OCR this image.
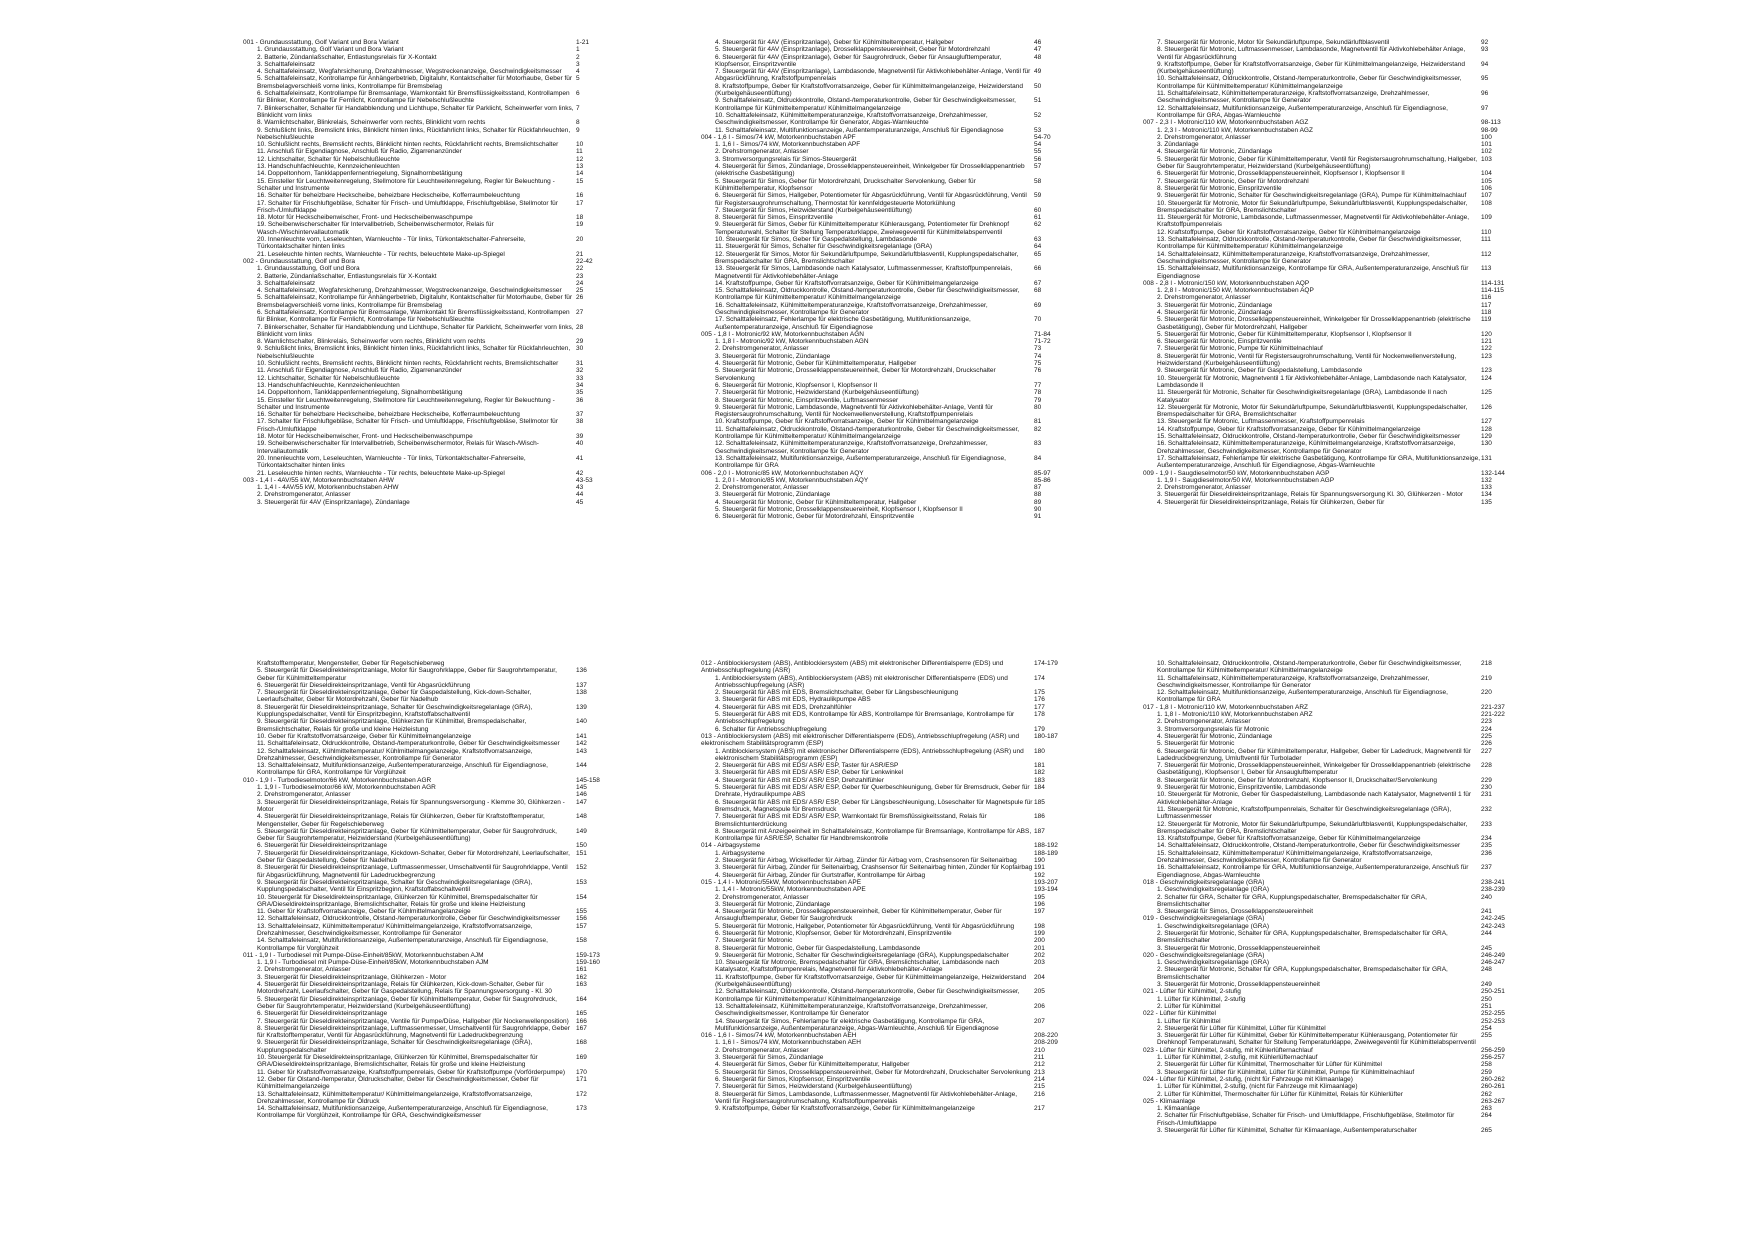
001 - Grundausstattung, Golf Variant und Bora Variant	1-21
1. Grundausstattung, Golf Variant und Bora Variant	1
2. Batterie, Zündanlaßschalter, Entlastungsrelais für X-Kontakt	2
3. Schalttafeleinsatz	3
4. Schalttafeleinsatz, Wegfahrsicherung, Drehzahlmesser, Wegstreckenanzeige, Geschwindigkeitsmesser	4
5. Schalttafeleinsatz, Kontrollampe für Anhängerbetrieb, Digitaluhr, Kontaktschalter für Motorhaube, Geber für Bremsbelagverschleiß vorne links, Kontrollampe für Bremsbelag
5
6. Schalttafeleinsatz, Kontrollampe für Bremsanlage, Warnkontakt für Bremsflüssigkeitsstand, Kontrollampen für Blinker, Kontrollampe für Fernlicht, Kontrollampe für Nebelschlußleuchte
6
7. Blinkerschalter, Schalter für Handabblendung und Lichthupe, Schalter für Parklicht, Scheinwerfer vorn links, Blinklicht vorn links
7
8. Warnlichtschalter, Blinkrelais, Scheinwerfer vorn rechts, Blinklicht vorn rechts	8
9. Schlußlicht links, Bremslicht links, Blinklicht hinten links, Rückfahrlicht links, Schalter für Rückfahrleuchten, Nebelschlußleuchte
9
10. Schlußlicht rechts, Bremslicht rechts, Blinklicht hinten rechts, Rückfahrlicht rechts, Bremslichtschalter	10
11. Anschluß für Eigendiagnose, Anschluß für Radio, Zigarrenanzünder	11
12. Lichtschalter, Schalter für Nebelschlußleuchte	12
13. Handschuhfachleuchte, Kennzeichenleuchten	13
14. Doppeltonhorn, Tankklappenfernentriegelung, Signalhornbetätigung	14
15. Einsteller für Leuchtweitenregelung, Stellmotore für Leuchtweitenregelung, Regler für Beleuchtung - Schalter und Instrumente
15
16. Schalter für beheizbare Heckscheibe, beheizbare Heckscheibe, Kofferraumbeleuchtung	16
17. Schalter für Frischluftgebläse, Schalter für Frisch- und Umluftklappe, Frischluftgebläse, Stellmotor für Frisch-/Umluftklappe
17
18. Motor für Heckscheibenwischer, Front- und Heckscheibenwaschpumpe	18
19. Scheibenwischerschalter für Intervallbetrieb, Scheibenwischermotor, Relais für Wasch-/Wischintervallautomatik
19
20. Innenleuchte vorn, Leseleuchten, Warnleuchte - Tür links, Türkontaktschalter-Fahrerseite, Türkontaktschalter hinten links
20
21. Leseleuchte hinten rechts, Warnleuchte - Tür rechts, beleuchtete Make-up-Spiegel	21
002 - Grundausstattung, Golf und Bora	22-42
1. Grundausstattung, Golf und Bora	22
2. Batterie, Zündanlaßschalter, Entlastungsrelais für X-Kontakt	23
3. Schalttafeleinsatz	24
4. Schalttafeleinsatz, Wegfahrsicherung, Drehzahlmesser, Wegstreckenanzeige, Geschwindigkeitsmesser	25
5. Schalttafeleinsatz, Kontrollampe für Anhängerbetrieb, Digitaluhr, Kontaktschalter für Motorhaube, Geber für Bremsbelagverschleiß vorne links, Kontrollampe für Bremsbelag
26
6. Schalttafeleinsatz, Kontrollampe für Bremsanlage, Warnkontakt für Bremsflüssigkeitsstand, Kontrollampen für Blinker, Kontrollampe für Fernlicht, Kontrollampe für Nebelschlußleuchte
27
7. Blinkerschalter, Schalter für Handabblendung und Lichthupe, Schalter für Parklicht, Scheinwerfer vorn links, Blinklicht vorn links
28
8. Warnlichtschalter, Blinkrelais, Scheinwerfer vorn rechts, Blinklicht vorn rechts	29
9. Schlußlicht links, Bremslicht links, Blinklicht hinten links, Rückfahrlicht links, Schalter für Rückfahrleuchten, Nebelschlußleuchte
30
10. Schlußlicht rechts, Bremslicht rechts, Blinklicht hinten rechts, Rückfahrlicht rechts, Bremslichtschalter	31
11. Anschluß für Eigendiagnose, Anschluß für Radio, Zigarrenanzünder	32
12. Lichtschalter, Schalter für Nebelschlußleuchte	33
13. Handschuhfachleuchte, Kennzeichenleuchten	34
14. Doppeltonhorn, Tankklappenfernentriegelung, Signalhornbetätigung	35
15. Einsteller für Leuchtweitenregelung, Stellmotore für Leuchtweitenregelung, Regler für Beleuchtung - Schalter und Instrumente
36
16. Schalter für beheizbare Heckscheibe, beheizbare Heckscheibe, Kofferraumbeleuchtung	37
17. Schalter für Frischluftgebläse, Schalter für Frisch- und Umluftklappe, Frischluftgebläse, Stellmotor für Frisch-/Umluftklappe
38
18. Motor für Heckscheibenwischer, Front- und Heckscheibenwaschpumpe	39
19. Scheibenwischerschalter für Intervallbetrieb, Scheibenwischermotor, Relais für Wasch-/Wisch-Intervallautomatik
40
20. Innenleuchte vorn, Leseleuchten, Warnleuchte - Tür links, Türkontaktschalter-Fahrerseite, Türkontaktschalter hinten links
41
21. Leseleuchte hinten rechts, Warnleuchte - Tür rechts, beleuchtete Make-up-Spiegel	42
003 - 1,4 l - 4AV/55 kW, Motorkennbuchstaben AHW	43-53
1. 1,4 l - 4AV/55 kW, Motorkennbuchstaben AHW	43
2. Drehstromgenerator, Anlasser	44
3. Steuergerät für 4AV (Einspritzanlage), Zündanlage	45
4. Steuergerät für 4AV (Einspritzanlage), Geber für Kühlmitteltemperatur, Hallgeber	46
5. Steuergerät für 4AV (Einspritzanlage), Drosselklappensteuereinheit, Geber für Motordrehzahl	47
6. Steuergerät für 4AV (Einspritzanlage), Geber für Saugrohrdruck, Geber für Ansauglufttemperatur, Klopfsensor, Einspritzventile
48
7. Steuergerät für 4AV (Einspritzanlage), Lambdasonde, Magnetventil für Aktivkohlebehälter-Anlage, Ventil für Abgasrückführung, Kraftstoffpumpenrelais
49
8. Kraftstoffpumpe, Geber für Kraftstoffvorratsanzeige, Geber für Kühlmittelmangelanzeige, Heizwiderstand (Kurbelgehäuseentlüftung)
50
9. Schalttafeleinsatz, Öldruckkontrolle, Ölstand-/temperaturkontrolle, Geber für Geschwindigkeitsmesser, Kontrollampe für Kühlmitteltemperatur/ Kühlmittelmangelanzeige
51
10. Schalttafeleinsatz, Kühlmitteltemperaturanzeige, Kraftstoffvorratsanzeige, Drehzahlmesser, Geschwindigkeitsmesser, Kontrollampe für Generator, Abgas-Warnleuchte
52
11. Schalttafeleinsatz, Multifunktionsanzeige, Außentemperaturanzeige, Anschluß für Eigendiagnose	53
004 - 1,6 l - Simos/74 kW, Motorkennbuchstaben APF	54-70
1. 1,6 l - Simos/74 kW, Motorkennbuchstaben APF	54
2. Drehstromgenerator, Anlasser	55
3. Stromversorgungsrelais für Simos-Steuergerät	56
4. Steuergerät für Simos, Zündanlage, Drosselklappensteuereinheit, Winkelgeber für Drosselklappenantrieb (elektrische Gasbetätigung)
57
5. Steuergerät für Simos, Geber für Motordrehzahl, Druckschalter Servolenkung, Geber für Kühlmitteltemperatur, Klopfsensor
58
6. Steuergerät für Simos, Hallgeber, Potentiometer für Abgasrückführung, Ventil für Abgasrückführung, Ventil für Registersaugrohrumschaltung, Thermostat für kennfeldgesteuerte Motorkühlung
59
7. Steuergerät für Simos, Heizwiderstand (Kurbelgehäuseentlüftung)	60
8. Steuergerät für Simos, Einspritzventile	61
9. Steuergerät für Simos, Geber für Kühlmitteltemperatur Kühlerausgang, Potentiometer für Drehknopf Temperaturwahl, Schalter für Stellung Temperaturklappe, Zweiwegeventil für Kühlmittelabsperrventil
62
10. Steuergerät für Simos, Geber für Gaspedalstellung, Lambdasonde	63
11. Steuergerät für Simos, Schalter für Geschwindigkeitsregelanlage (GRA)	64
12. Steuergerät für Simos, Motor für Sekundärluftpumpe, Sekundärluftblasventil, Kupplungspedalschalter, Bremspedalschalter für GRA, Bremslichtschalter
65
13. Steuergerät für Simos, Lambdasonde nach Katalysator, Luftmassenmesser, Kraftstoffpumpenrelais, Magnetventil für Aktivkohlebehälter-Anlage
66
14. Kraftstoffpumpe, Geber für Kraftstoffvorratsanzeige, Geber für Kühlmittelmangelanzeige	67
15. Schalttafeleinsatz, Öldruckkontrolle, Ölstand-/temperaturkontrolle, Geber für Geschwindigkeitsmesser, Kontrollampe für Kühlmitteltemperatur/ Kühlmittelmangelanzeige
68
16. Schalttafeleinsatz, Kühlmitteltemperaturanzeige, Kraftstoffvorratsanzeige, Drehzahlmesser, Geschwindigkeitsmesser, Kontrollampe für Generator
69
17. Schalttafeleinsatz, Fehlerlampe für elektrische Gasbetätigung, Multifunktionsanzeige, Außentemperaturanzeige, Anschluß für Eigendiagnose
70
005 - 1,8 l - Motronic/92 kW, Motorkennbuchstaben AGN	71-84
1. 1,8 l - Motronic/92 kW, Motorkennbuchstaben AGN	71-72
2. Drehstromgenerator, Anlasser	73
3. Steuergerät für Motronic, Zündanlage	74
4. Steuergerät für Motronic, Geber für Kühlmitteltemperatur, Hallgeber	75
5. Steuergerät für Motronic, Drosselklappensteuereinheit, Geber für Motordrehzahl, Druckschalter Servolenkung
76
6. Steuergerät für Motronic, Klopfsensor I, Klopfsensor II	77
7. Steuergerät für Motronic, Heizwiderstand (Kurbelgehäuseentlüftung)	78
8. Steuergerät für Motronic, Einspritzventile, Luftmassenmesser	79
9. Steuergerät für Motronic, Lambdasonde, Magnetventil für Aktivkohlebehälter-Anlage, Ventil für Registersaugrohrumschaltung, Ventil für Nockenwellenverstellung, Kraftstoffpumpenrelais
80
10. Kraftstoffpumpe, Geber für Kraftstoffvorratsanzeige, Geber für Kühlmittelmangelanzeige	81
11. Schalttafeleinsatz, Öldruckkontrolle, Ölstand-/temperaturkontrolle, Geber für Geschwindigkeitsmesser, Kontrollampe für Kühlmitteltemperatur/ Kühlmittelmangelanzeige
82
12. Schalttafeleinsatz, Kühlmitteltemperaturanzeige, Kraftstoffvorratsanzeige, Drehzahlmesser, Geschwindigkeitsmesser, Kontrollampe für Generator
83
13. Schalttafeleinsatz, Multifunktionsanzeige, Außentemperaturanzeige, Anschluß für Eigendiagnose, Kontrollampe für GRA
84
006 - 2,0 l - Motronic/85 kW, Motorkennbuchstaben AQY	85-97
1. 2,0 l - Motronic/85 kW, Motorkennbuchstaben AQY	85-86
2. Drehstromgenerator, Anlasser	87
3. Steuergerät für Motronic, Zündanlage	88
4. Steuergerät für Motronic, Geber für Kühlmitteltemperatur, Hallgeber	89
5. Steuergerät für Motronic, Drosselklappensteuereinheit, Klopfsensor I, Klopfsensor II	90
6. Steuergerät für Motronic, Geber für Motordrehzahl, Einspritzventile	91
7. Steuergerät für Motronic, Motor für Sekundärluftpumpe, Sekundärluftblasventil	92
8. Steuergerät für Motronic, Luftmassenmesser, Lambdasonde, Magnetventil für Aktivkohlebehälter Anlage, Ventil für Abgasrückführung
93
9. Kraftstoffpumpe, Geber für Kraftstoffvorratsanzeige, Geber für Kühlmittelmangelanzeige, Heizwiderstand (Kurbelgehäuseentlüftung)
94
10. Schalttafeleinsatz, Öldruckkontrolle, Ölstand-/temperaturkontrolle, Geber für Geschwindigkeitsmesser, Kontrollampe für Kühlmitteltemperatur/ Kühlmittelmangelanzeige
95
11. Schalttafeleinsatz, Kühlmitteltemperaturanzeige, Kraftstoffvorratsanzeige, Drehzahlmesser, Geschwindigkeitsmesser, Kontrollampe für Generator
96
12. Schalttafeleinsatz, Multifunktionsanzeige, Außentemperaturanzeige, Anschluß für Eigendiagnose, Kontrollampe für GRA, Abgas-Warnleuchte
97
007 - 2,3 l - Motronic/110 kW, Motorkennbuchstaben AGZ	98-113
1. 2,3 l - Motronic/110 kW, Motorkennbuchstaben AGZ	98-99
2. Drehstromgenerator, Anlasser	100
3. Zündanlage	101
4. Steuergerät für Motronic, Zündanlage	102
5. Steuergerät für Motronic, Geber für Kühlmitteltemperatur, Ventil für Registersaugrohrumschaltung, Hallgeber, Geber für Saugrohrtemperatur, Heizwiderstand (Kurbelgehäuseentlüftung)
103
6. Steuergerät für Motronic, Drosselklappensteuereinheit, Klopfsensor I, Klopfsensor II	104
7. Steuergerät für Motronic, Geber für Motordrehzahl	105
8. Steuergerät für Motronic, Einspritzventile	106
9. Steuergerät für Motronic, Schalter für Geschwindigkeitsregelanlage (GRA), Pumpe für Kühlmittelnachlauf	107
10. Steuergerät für Motronic, Motor für Sekundärluftpumpe, Sekundärluftblasventil, Kupplungspedalschalter, Bremspedalschalter für GRA, Bremslichtschalter
108
11. Steuergerät für Motronic, Lambdasonde, Luftmassenmesser, Magnetventil für Aktivkohlebehälter-Anlage, Kraftstoffpumpenrelais
109
12. Kraftstoffpumpe, Geber für Kraftstoffvorratsanzeige, Geber für Kühlmittelmangelanzeige	110
13. Schalttafeleinsatz, Öldruckkontrolle, Ölstand-/temperaturkontrolle, Geber für Geschwindigkeitsmesser, Kontrollampe für Kühlmitteltemperatur/ Kühlmittelmangelanzeige
111
14. Schalttafeleinsatz, Kühlmitteltemperaturanzeige, Kraftstoffvorratsanzeige, Drehzahlmesser, Geschwindigkeitsmesser, Kontrollampe für Generator
112
15. Schalttafeleinsatz, Multifunktionsanzeige, Kontrollampe für GRA, Außentemperaturanzeige, Anschluß für Eigendiagnose
113
008 - 2,8 l - Motronic/150 kW, Motorkennbuchstaben AQP	114-131
1. 2,8 l - Motronic/150 kW, Motorkennbuchstaben AQP	114-115
2. Drehstromgenerator, Anlasser	116
3. Steuergerät für Motronic, Zündanlage	117
4. Steuergerät für Motronic, Zündanlage	118
5. Steuergerät für Motronic, Drosselklappensteuereinheit, Winkelgeber für Drosselklappenantrieb (elektrische Gasbetätigung), Geber für Motordrehzahl, Hallgeber
119
5. Steuergerät für Motronic, Geber für Kühlmitteltemperatur, Klopfsensor I, Klopfsensor II	120
6. Steuergerät für Motronic, Einspritzventile	121
7. Steuergerät für Motronic, Pumpe für Kühlmittelnachlauf	122
8. Steuergerät für Motronic, Ventil für Registersaugrohrumschaltung, Ventil für Nockenwellenverstellung, Heizwiderstand (Kurbelgehäuseentlüftung)
123
9. Steuergerät für Motronic, Geber für Gaspedalstellung, Lambdasonde	123
10. Steuergerät für Motronic, Magnetventil 1 für Aktivkohlebehälter-Anlage, Lambdasonde nach Katalysator, Lambdasonde II
124
11. Steuergerät für Motronic, Schalter für Geschwindigkeitsregelanlage (GRA), Lambdasonde II nach Katalysator
125
12. Steuergerät für Motronic, Motor für Sekundärluftpumpe, Sekundärluftblasventil, Kupplungspedalschalter, Bremspedalschalter für GRA, Bremslichtschalter
126
13. Steuergerät für Motronic, Luftmassenmesser, Kraftstoffpumpenrelais	127
14. Kraftstoffpumpe, Geber für Kraftstoffvorratsanzeige, Geber für Kühlmittelmangelanzeige	128
15. Schalttafeleinsatz, Öldruckkontrolle, Ölstand-/temperaturkontrolle, Geber für Geschwindigkeitsmesser	129
16. Schalttafeleinsatz, Kühlmitteltemperaturanzeige, Kühlmittelmangelanzeige, Kraftstoffvorratsanzeige, Drehzahlmesser, Geschwindigkeitsmesser, Kontrollampe für Generator
130
17. Schalttafeleinsatz, Fehlerlampe für elektrische Gasbetätigung, Kontrollampe für GRA, Multifunktionsanzeige, Außentemperaturanzeige, Anschluß für Eigendiagnose, Abgas-Warnleuchte
131
009 - 1,9 l - Saugdieselmotor/50 kW, Motorkennbuchstaben AGP	132-144
1. 1,9 l - Saugdieselmotor/50 kW, Motorkennbuchstaben AGP	132
2. Drehstromgenerator, Anlasser	133
3. Steuergerät für Dieseldirekteinspritzanlage, Relais für Spannungsversorgung Kl. 30, Glühkerzen - Motor	134
4. Steuergerät für Dieseldirekteinspritzanlage, Relais für Glühkerzen, Geber für	135
Kraftstofftemperatur, Mengensteller, Geber für Regelschieberweg
5. Steuergerät für Dieseldirekteinspritzanlage, Motor für Saugrohrklappe, Geber für Saugrohrtemperatur, Geber für Kühlmitteltemperatur
136
6. Steuergerät für Dieseldirekteinspritzanlage, Ventil für Abgasrückführung	137
7. Steuergerät für Dieseldirekteinspritzanlage, Geber für Gaspedalstellung, Kick-down-Schalter, Leerlaufschalter, Geber für Motordrehzahl, Geber für Nadelhub
138
8. Steuergerät für Dieseldirekteinspritzanlage, Schalter für Geschwindigkeitsregelanlage (GRA), Kupplungspedalschalter, Ventil für Einspritzbeginn, Kraftstoffabschaltventil
139
9. Steuergerät für Dieseldirekteinspritzanlage, Glühkerzen für Kühlmittel, Bremspedalschalter, Bremslichtschalter, Relais für große und kleine Heizleistung
140
10. Geber für Kraftstoffvorratsanzeige, Geber für Kühlmittelmangelanzeige	141
11. Schalttafeleinsatz, Öldruckkontrolle, Ölstand-/temperaturkontrolle, Geber für Geschwindigkeitsmesser	142
12. Schalttafeleinsatz, Kühlmitteltemperatur/ Kühlmittelmangelanzeige, Kraftstoffvorratsanzeige, Drehzahlmesser, Geschwindigkeitsmesser, Kontrollampe für Generator
143
13. Schalttafeleinsatz, Multifunktionsanzeige, Außentemperaturanzeige, Anschluß für Eigendiagnose, Kontrollampe für GRA, Kontrollampe für Vorglühzeit
144
010 - 1,9 l - Turbodieselmotor/66 kW, Motorkennbuchstaben AGR	145-158
1. 1,9 l - Turbodieselmotor/66 kW, Motorkennbuchstaben AGR	145
2. Drehstromgenerator, Anlasser	146
3. Steuergerät für Dieseldirekteinspritzanlage, Relais für Spannungsversorgung - Klemme 30, Glühkerzen - Motor
147
4. Steuergerät für Dieseldirekteinspritzanlage, Relais für Glühkerzen, Geber für Kraftstofftemperatur, Mengensteller, Geber für Regelschieberweg
148
5. Steuergerät für Dieseldirekteinspritzanlage, Geber für Kühlmitteltemperatur, Geber für Saugrohrdruck, Geber für Saugrohrtemperatur, Heizwiderstand (Kurbelgehäuseentlüftung)
149
6. Steuergerät für Dieseldirekteinspritzanlage	150
7. Steuergerät für Dieseldirekteinspritzanlage, Kickdown-Schalter, Geber für Motordrehzahl, Leerlaufschalter, Geber für Gaspedalstellung, Geber für Nadelhub
151
8. Steuergerät für Dieseldirekteinspritzanlage, Luftmassenmesser, Umschaltventil für Saugrohrklappe, Ventil für Abgasrückführung, Magnetventil für Ladedruckbegrenzung
152
9. Steuergerät für Dieseldirekteinspritzanlage, Schalter für Geschwindigkeitsregelanlage (GRA), Kupplungspedalschalter, Ventil für Einspritzbeginn, Kraftstoffabschaltventil
153
10. Steuergerät für Dieseldirekteinspritzanlage, Glühkerzen für Kühlmittel, Bremspedalschalter für GRA/Dieseldirekteinspritzanlage, Bremslichtschalter, Relais für große und kleine Heizleistung
154
11. Geber für Kraftstoffvorratsanzeige, Geber für Kühlmittelmangelanzeige	155
12. Schalttafeleinsatz, Öldruckkontrolle, Ölstand-/temperaturkontrolle, Geber für Geschwindigkeitsmesser	156
13. Schalttafeleinsatz, Kühlmitteltemperatur/ Kühlmittelmangelanzeige, Kraftstoffvorratsanzeige, Drehzahlmesser, Geschwindigkeitsmesser, Kontrollampe für Generator
157
14. Schalttafeleinsatz, Multifunktionsanzeige, Außentemperaturanzeige, Anschluß für Eigendiagnose, Kontrollampe für Vorglühzeit
158
011 - 1,9 l - Turbodiesel mit Pumpe-Düse-Einheit/85kW, Motorkennbuchstaben AJM	159-173
1. 1,9 l - Turbodiesel mit Pumpe-Düse-Einheit/85kW, Motorkennbuchstaben AJM	159-160
2. Drehstromgenerator, Anlasser	161
3. Steuergerät für Dieseldirekteinspritzanlage, Glühkerzen - Motor	162
4. Steuergerät für Dieseldirekteinspritzanlage, Relais für Glühkerzen, Kick-down-Schalter, Geber für Motordrehzahl, Leerlaufschalter, Geber für Gaspedalstellung, Relais für Spannungsversorgung - Kl. 30
163
5. Steuergerät für Dieseldirekteinspritzanlage, Geber für Kühlmitteltemperatur, Geber für Saugrohrdruck, Geber für Saugrohrtemperatur, Heizwiderstand (Kurbelgehäuseentlüftung)
164
6. Steuergerät für Dieseldirekteinspritzanlage	165
7. Steuergerät für Dieseldirekteinspritzanlage, Ventile für Pumpe/Düse, Hallgeber (für Nockenwellenposition)	166
8. Steuergerät für Dieseldirekteinspritzanlage, Luftmassenmesser, Umschaltventil für Saugrohrklappe, Geber für Kraftstofftemperatur, Ventil für Abgasrückführung, Magnetventil für Ladedruckbegrenzung
167
9. Steuergerät für Dieseldirekteinspritzanlage, Schalter für Geschwindigkeitsregelanlage (GRA), Kupplungspedalschalter
168
10. Steuergerät für Dieseldirekteinspritzanlage, Glühkerzen für Kühlmittel, Bremspedalschalter für GRA/Dieseldirekteinspritzanlage, Bremslichtschalter, Relais für große und kleine Heizleistung
169
11. Geber für Kraftstoffvorratsanzeige, Kraftstoffpumpenrelais, Geber für Kraftstoffpumpe (Vorförderpumpe)	170
12. Geber für Ölstand-/temperatur, Öldruckschalter, Geber für Geschwindigkeitsmesser, Geber für Kühlmittelmangelanzeige
171
13. Schalttafeleinsatz, Kühlmitteltemperatur/ Kühlmittelmangelanzeige, Kraftstoffvorratsanzeige, Drehzahlmesser, Kontrollampe für Öldruck
172
14. Schalttafeleinsatz, Multifunktionsanzeige, Außentemperaturanzeige, Anschluß für Eigendiagnose, Kontrollampe für Vorglühzeit, Kontrollampe für GRA, Geschwindigkeitsmesser
173
012 - Antiblockiersystem (ABS), Antiblockiersystem (ABS) mit elektronischer Differentialsperre (EDS) und Antriebsschlupfregelung (ASR)
174-179
1. Antiblockiersystem (ABS), Antiblockiersystem (ABS) mit elektronischer Differentialsperre (EDS) und Antriebsschlupfregelung (ASR)
174
2. Steuergerät für ABS mit EDS, Bremslichtschalter, Geber für Längsbeschleunigung	175
3. Steuergerät für ABS mit EDS, Hydraulikpumpe ABS	176
4. Steuergerät für ABS mit EDS, Drehzahlfühler	177
5. Steuergerät für ABS mit EDS, Kontrollampe für ABS, Kontrollampe für Bremsanlage, Kontrollampe für Antriebsschlupfregelung
178
6. Schalter für Antriebsschlupfregelung	179
013 - Antiblockiersystem (ABS) mit elektronischer Differentialsperre (EDS), Antriebsschlupfregelung (ASR) und elektronischem Stabilitätsprogramm (ESP)
180-187
1. Antiblockiersystem (ABS) mit elektronischer Differentialsperre (EDS), Antriebsschlupfregelung (ASR) und elektronischem Stabilitätsprogramm (ESP)
180
2. Steuergerät für ABS mit EDS/ ASR/ ESP, Taster für ASR/ESP	181
3. Steuergerät für ABS mit EDS/ ASR/ ESP, Geber für Lenkwinkel	182
4. Steuergerät für ABS mit EDS/ ASR/ ESP, Drehzahlfühler	183
5. Steuergerät für ABS mit EDS/ ASR/ ESP, Geber für Querbeschleunigung, Geber für Bremsdruck, Geber für Drehrate, Hydraulikpumpe ABS
184
6. Steuergerät für ABS mit EDS/ ASR/ ESP, Geber für Längsbeschleunigung, Löseschalter für Magnetspule für Bremsdruck, Magnetspule für Bremsdruck
185
7. Steuergerät für ABS mit EDS/ ASR/ ESP, Warnkontakt für Bremsflüssigkeitsstand, Relais für Bremslichtunterdrückung
186
8. Steuergerät mit Anzeigeeinheit im Schalttafeleinsatz, Kontrollampe für Bremsanlage, Kontrollampe für ABS, Kontrollampe für ASR/ESP, Schalter für Handbremskontrolle
187
014 - Airbagsysteme	188-192
1. Airbagsysteme	188-189
2. Steuergerät für Airbag, Wickelfeder für Airbag, Zünder für Airbag vorn, Crashsensoren für Seitenairbag	190
3. Steuergerät für Airbag, Zünder für Seitenairbag, Crashsensor für Seitenairbag hinten, Zünder für Kopfairbag 191
4. Steuergerät für Airbag, Zünder für Gurtstraffer, Kontrollampe für Airbag	192
015 - 1,4 l - Motronic/55kW, Motorkennbuchstaben APE	193-207
1. 1,4 l - Motronic/55kW, Motorkennbuchstaben APE	193-194
2. Drehstromgenerator, Anlasser	195
3. Steuergerät für Motronic, Zündanlage	196
4. Steuergerät für Motronic, Drosselklappensteuereinheit, Geber für Kühlmitteltemperatur, Geber für Ansauglufttemperatur, Geber für Saugrohrdruck
197
5. Steuergerät für Motronic, Hallgeber, Potentiometer für Abgasrückführung, Ventil für Abgasrückführung	198
6. Steuergerät für Motronic, Klopfsensor, Geber für Motordrehzahl, Einspritzventile	199
7. Steuergerät für Motronic	200
8. Steuergerät für Motronic, Geber für Gaspedalstellung, Lambdasonde	201
9. Steuergerät für Motronic, Schalter für Geschwindigkeitsregelanlage (GRA), Kupplungspedalschalter	202
10. Steuergerät für Motronic, Bremspedalschalter für GRA, Bremslichtschalter, Lambdasonde nach Katalysator, Kraftstoffpumpenrelais, Magnetventil für Aktivkohlebehälter-Anlage
203
11. Kraftstoffpumpe, Geber für Kraftstoffvorratsanzeige, Geber für Kühlmittelmangelanzeige, Heizwiderstand (Kurbelgehäuseentlüftung)
204
12. Schalttafeleinsatz, Öldruckkontrolle, Ölstand-/temperaturkontrolle, Geber für Geschwindigkeitsmesser, Kontrollampe für Kühlmitteltemperatur/ Kühlmittelmangelanzeige
205
13. Schalttafeleinsatz, Kühlmitteltemperaturanzeige, Kraftstoffvorratsanzeige, Drehzahlmesser, Geschwindigkeitsmesser, Kontrollampe für Generator
206
14. Steuergerät für Simos, Fehlerlampe für elektrische Gasbetätigung, Kontrollampe für GRA, Multifunktionsanzeige, Außentemperaturanzeige, Abgas-Warnleuchte, Anschluß für Eigendiagnose
207
016 - 1,6 l - Simos/74 kW, Motorkennbuchstaben AEH	208-220
1. 1,6 l - Simos/74 kW, Motorkennbuchstaben AEH	208-209
2. Drehstromgenerator, Anlasser	210
3. Steuergerät für Simos, Zündanlage	211
4. Steuergerät für Simos, Geber für Kühlmitteltemperatur, Hallgeber	212
5. Steuergerät für Simos, Drosselklappensteuereinheit, Geber für Motordrehzahl, Druckschalter Servolenkung 213
6. Steuergerät für Simos, Klopfsensor, Einspritzventile	214
7. Steuergerät für Simos, Heizwiderstand (Kurbelgehäuseentlüftung)	215
8. Steuergerät für Simos, Lambdasonde, Luftmassenmesser, Magnetventil für Aktivkohlebehälter-Anlage, Ventil für Registersaugrohrumschaltung, Kraftstoffpumpenrelais
216
9. Kraftstoffpumpe, Geber für Kraftstoffvorratsanzeige, Geber für Kühlmittelmangelanzeige	217
10. Schalttafeleinsatz, Öldruckkontrolle, Ölstand-/temperaturkontrolle, Geber für Geschwindigkeitsmesser, Kontrollampe für Kühlmitteltemperatur/ Kühlmittelmangelanzeige
218
11. Schalttafeleinsatz, Kühlmitteltemperaturanzeige, Kraftstoffvorratsanzeige, Drehzahlmesser, Geschwindigkeitsmesser, Kontrollampe für Generator
219
12. Schalttafeleinsatz, Multifunktionsanzeige, Außentemperaturanzeige, Anschluß für Eigendiagnose, Kontrollampe für GRA
220
017 - 1,8 l - Motronic/110 kW, Motorkennbuchstaben ARZ	221-237
1. 1,8 l - Motronic/110 kW, Motorkennbuchstaben ARZ	221-222
2. Drehstromgenerator, Anlasser	223
3. Stromversorgungsrelais für Motronic	224
4. Steuergerät für Motronic, Zündanlage	225
5. Steuergerät für Motronic	226
6. Steuergerät für Motronic, Geber für Kühlmitteltemperatur, Hallgeber, Geber für Ladedruck, Magnetventil für Ladedruckbegrenzung, Umluftventil für Turbolader
227
7. Steuergerät für Motronic, Drosselklappensteuereinheit, Winkelgeber für Drosselklappenantrieb (elektrische Gasbetätigung), Klopfsensor I, Geber für Ansauglufttemperatur
228
8. Steuergerät für Motronic, Geber für Motordrehzahl, Klopfsensor II, Druckschalter/Servolenkung	229
9. Steuergerät für Motronic, Einspritzventile, Lambdasonde	230
10. Steuergerät für Motronic, Geber für Gaspedalstellung, Lambdasonde nach Katalysator, Magnetventil 1 für Aktivkohlebehälter-Anlage
231
11. Steuergerät für Motronic, Kraftstoffpumpenrelais, Schalter für Geschwindigkeitsregelanlage (GRA), Luftmassenmesser
232
12. Steuergerät für Motronic, Motor für Sekundärluftpumpe, Sekundärluftblasventil, Kupplungspedalschalter, Bremspedalschalter für GRA, Bremslichtschalter
233
13. Kraftstoffpumpe, Geber für Kraftstoffvorratsanzeige, Geber für Kühlmittelmangelanzeige	234
14. Schalttafeleinsatz, Öldruckkontrolle, Ölstand-/temperaturkontrolle, Geber für Geschwindigkeitsmesser	235
15. Schalttafeleinsatz, Kühlmitteltemperatur/ Kühlmittelmangelanzeige, Kraftstoffvorratsanzeige, Drehzahlmesser, Geschwindigkeitsmesser, Kontrollampe für Generator
236
16. Schalttafeleinsatz, Kontrollampe für GRA, Multifunktionsanzeige, Außentemperaturanzeige, Anschluß für Eigendiagnose, Abgas-Warnleuchte
237
018 - Geschwindigkeitsregelanlage (GRA)	238-241
1. Geschwindigkeitsregelanlage (GRA)	238-239
2. Schalter für GRA, Schalter für GRA, Kupplungspedalschalter, Bremspedalschalter für GRA, Bremslichtschalter
240
3. Steuergerät für Simos, Drosselklappensteuereinheit	241
019 - Geschwindigkeitsregelanlage (GRA)	242-245
1. Geschwindigkeitsregelanlage (GRA)	242-243
2. Steuergerät für Motronic, Schalter für GRA, Kupplungspedalschalter, Bremspedalschalter für GRA, Bremslichtschalter
244
3. Steuergerät für Motronic, Drosselklappensteuereinheit	245
020 - Geschwindigkeitsregelanlage (GRA)	246-249
1. Geschwindigkeitsregelanlage (GRA)	246-247
2. Steuergerät für Motronic, Schalter für GRA, Kupplungspedalschalter, Bremspedalschalter für GRA, Bremslichtschalter
248
3. Steuergerät für Motronic, Drosselklappensteuereinheit	249
021 - Lüfter für Kühlmittel, 2-stufig	250-251
1. Lüfter für Kühlmittel, 2-stufig	250
2. Lüfter für Kühlmittel	251
022 - Lüfter für Kühlmittel	252-255
1. Lüfter für Kühlmittel	252-253
2. Steuergerät für Lüfter für Kühlmittel, Lüfter für Kühlmittel	254
3. Steuergerät für Lüfter für Kühlmittel, Geber für Kühlmitteltemperatur Kühlerausgang, Potentiometer für Drehknopf Temperaturwahl, Schalter für Stellung Temperaturklappe, Zweiwegeventil für Kühlmittelabsperrventil
255
023 - Lüfter für Kühlmittel, 2-stufig, mit Kühlerlüfternachlauf	256-259
1. Lüfter für Kühlmittel, 2-stufig, mit Kühlerlüfternachlauf	256-257
2. Steuergerät für Lüfter für Kühlmittel, Thermoschalter für Lüfter für Kühlmittel	258
3. Steuergerät für Lüfter für Kühlmittel, Lüfter für Kühlmittel, Pumpe für Kühlmittelnachlauf	259
024 - Lüfter für Kühlmittel, 2-stufig, (nicht für Fahrzeuge mit Klimaanlage)	260-262
1. Lüfter für Kühlmittel, 2-stufig, (nicht für Fahrzeuge mit Klimaanlage)	260-261
2. Lüfter für Kühlmittel, Thermoschalter für Lüfter für Kühlmittel, Relais für Kühlerlüfter	262
025 - Klimaanlage	263-267
1. Klimaanlage	263
2. Schalter für Frischluftgebläse, Schalter für Frisch- und Umluftklappe, Frischluftgebläse, Stellmotor für Frisch-/Umluftklappe
264
3. Steuergerät für Lüfter für Kühlmittel, Schalter für Klimaanlage, Außentemperaturschalter	265
